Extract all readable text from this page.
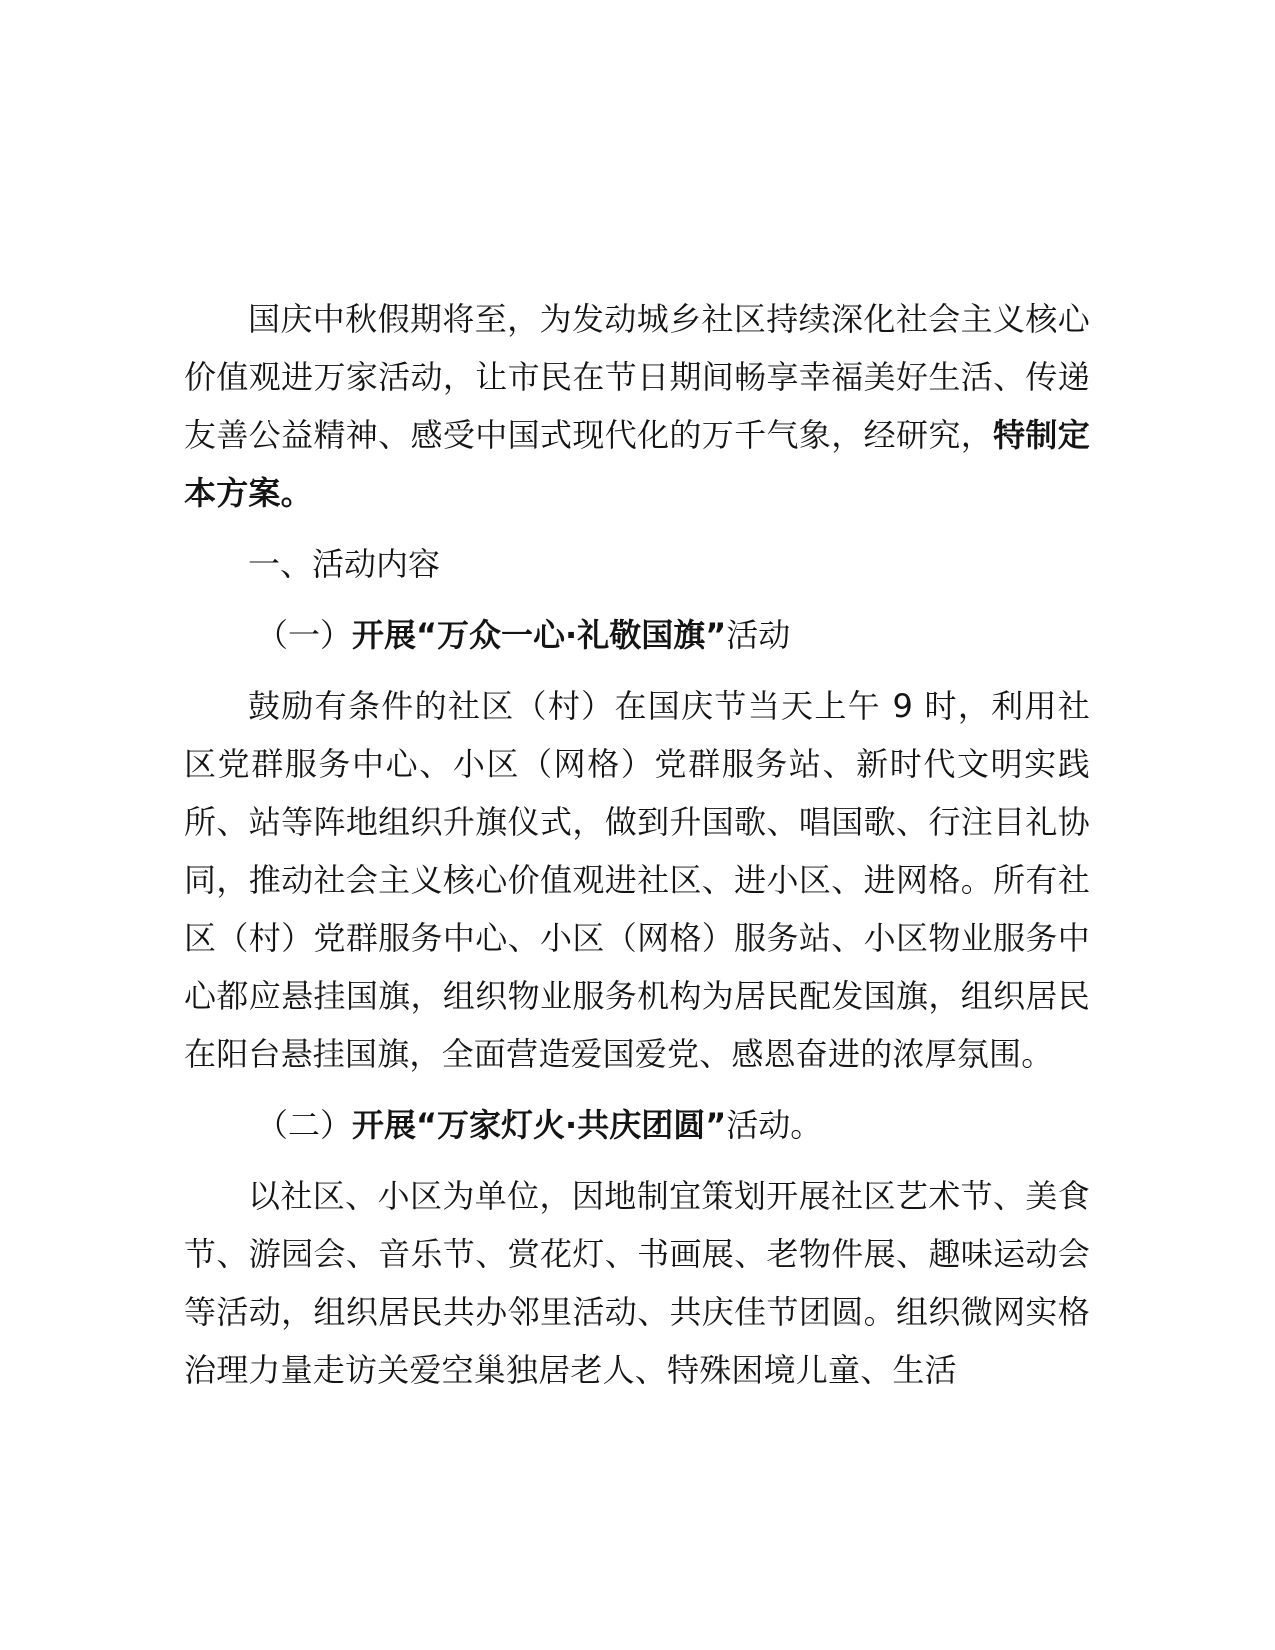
国庆中秋假期将至，为发动城乡社区持续深化社会主义核心价值观进万家活动，让市民在节日期间畅享幸福美好生活、传递友善公益精神、感受中国式现代化的万千气象，经研究，特制定本方案。

一、活动内容

（一）开展“万众一心·礼敬国旗”活动

鼓励有条件的社区（村）在国庆节当天上午 9 时，利用社区党群服务中心、小区（网格）党群服务站、新时代文明实践所、站等阵地组织升旗仪式，做到升国歌、唱国歌、行注目礼协同，推动社会主义核心价值观进社区、进小区、进网格。所有社区（村）党群服务中心、小区（网格）服务站、小区物业服务中心都应悬挂国旗，组织物业服务机构为居民配发国旗，组织居民在阳台悬挂国旗，全面营造爱国爱党、感恩奋进的浓厚氛围。

（二）开展“万家灯火·共庆团圆”活动。

以社区、小区为单位，因地制宜策划开展社区艺术节、美食节、游园会、音乐节、赏花灯、书画展、老物件展、趣味运动会等活动，组织居民共办邻里活动、共庆佳节团圆。组织微网实格治理力量走访关爱空巢独居老人、特殊困境儿童、生活
